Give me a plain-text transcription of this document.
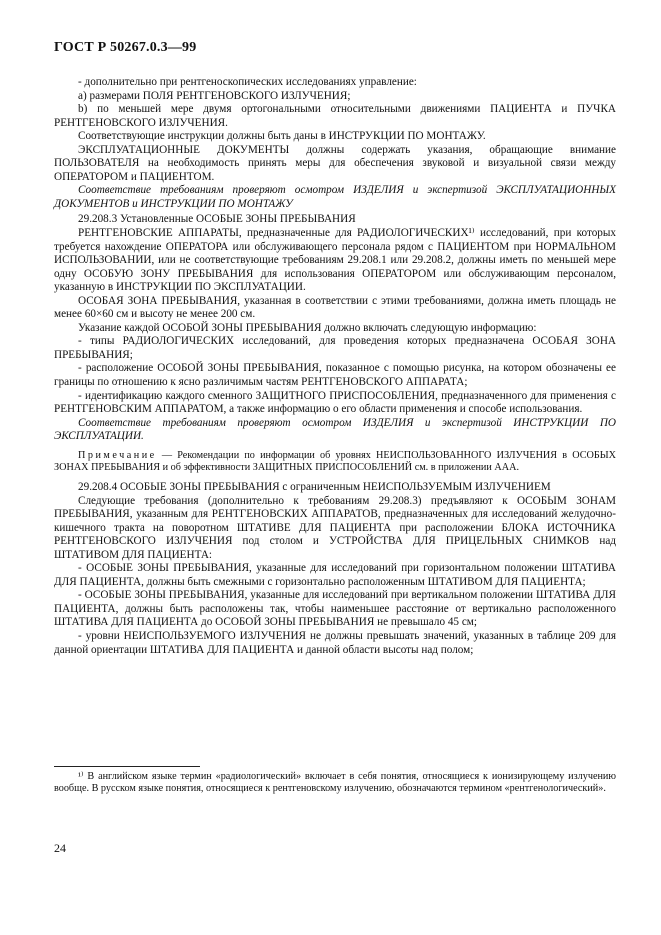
ГОСТ Р 50267.0.3—99

- дополнительно при рентгеноскопических исследованиях управление:

а) размерами ПОЛЯ РЕНТГЕНОВСКОГО ИЗЛУЧЕНИЯ;

b) по меньшей мере двумя ортогональными относительными движениями ПАЦИЕНТА и ПУЧКА РЕНТГЕНОВСКОГО ИЗЛУЧЕНИЯ.

Соответствующие инструкции должны быть даны в ИНСТРУКЦИИ ПО МОНТАЖУ.

ЭКСПЛУАТАЦИОННЫЕ ДОКУМЕНТЫ должны содержать указания, обращающие внимание ПОЛЬЗОВАТЕЛЯ на необходимость принять меры для обеспечения звуковой и визуальной связи между ОПЕРАТОРОМ и ПАЦИЕНТОМ.

Соответствие требованиям проверяют осмотром ИЗДЕЛИЯ и экспертизой ЭКСПЛУАТАЦИОННЫХ ДОКУМЕНТОВ и ИНСТРУКЦИИ ПО МОНТАЖУ

29.208.3 Установленные ОСОБЫЕ ЗОНЫ ПРЕБЫВАНИЯ

РЕНТГЕНОВСКИЕ АППАРАТЫ, предназначенные для РАДИОЛОГИЧЕСКИХ¹⁾ исследований, при которых требуется нахождение ОПЕРАТОРА или обслуживающего персонала рядом с ПАЦИЕНТОМ при НОРМАЛЬНОМ ИСПОЛЬЗОВАНИИ, или не соответствующие требованиям 29.208.1 или 29.208.2, должны иметь по меньшей мере одну ОСОБУЮ ЗОНУ ПРЕБЫВАНИЯ для использования ОПЕРАТОРОМ или обслуживающим персоналом, указанную в ИНСТРУКЦИИ ПО ЭКСПЛУАТАЦИИ.

ОСОБАЯ ЗОНА ПРЕБЫВАНИЯ, указанная в соответствии с этими требованиями, должна иметь площадь не менее 60×60 см и высоту не менее 200 см.

Указание каждой ОСОБОЙ ЗОНЫ ПРЕБЫВАНИЯ должно включать следующую информацию:

- типы РАДИОЛОГИЧЕСКИХ исследований, для проведения которых предназначена ОСОБАЯ ЗОНА ПРЕБЫВАНИЯ;

- расположение ОСОБОЙ ЗОНЫ ПРЕБЫВАНИЯ, показанное с помощью рисунка, на котором обозначены ее границы по отношению к ясно различимым частям РЕНТГЕНОВСКОГО АППАРАТА;

- идентификацию каждого сменного ЗАЩИТНОГО ПРИСПОСОБЛЕНИЯ, предназначенного для применения с РЕНТГЕНОВСКИМ АППАРАТОМ, а также информацию о его области применения и способе использования.

Соответствие требованиям проверяют осмотром ИЗДЕЛИЯ и экспертизой ИНСТРУКЦИИ ПО ЭКСПЛУАТАЦИИ.

Примечание — Рекомендации по информации об уровнях НЕИСПОЛЬЗОВАННОГО ИЗЛУЧЕНИЯ в ОСОБЫХ ЗОНАХ ПРЕБЫВАНИЯ и об эффективности ЗАЩИТНЫХ ПРИСПОСОБЛЕНИЙ см. в приложении ААА.

29.208.4 ОСОБЫЕ ЗОНЫ ПРЕБЫВАНИЯ с ограниченным НЕИСПОЛЬЗУЕМЫМ ИЗЛУЧЕНИЕМ

Следующие требования (дополнительно к требованиям 29.208.3) предъявляют к ОСОБЫМ ЗОНАМ ПРЕБЫВАНИЯ, указанным для РЕНТГЕНОВСКИХ АППАРАТОВ, предназначенных для исследований желудочно-кишечного тракта на поворотном ШТАТИВЕ ДЛЯ ПАЦИЕНТА при расположении БЛОКА ИСТОЧНИКА РЕНТГЕНОВСКОГО ИЗЛУЧЕНИЯ под столом и УСТРОЙСТВА ДЛЯ ПРИЦЕЛЬНЫХ СНИМКОВ над ШТАТИВОМ ДЛЯ ПАЦИЕНТА:

- ОСОБЫЕ ЗОНЫ ПРЕБЫВАНИЯ, указанные для исследований при горизонтальном положении ШТАТИВА ДЛЯ ПАЦИЕНТА, должны быть смежными с горизонтально расположенным ШТАТИВОМ ДЛЯ ПАЦИЕНТА;

- ОСОБЫЕ ЗОНЫ ПРЕБЫВАНИЯ, указанные для исследований при вертикальном положении ШТАТИВА ДЛЯ ПАЦИЕНТА, должны быть расположены так, чтобы наименьшее расстояние от вертикально расположенного ШТАТИВА ДЛЯ ПАЦИЕНТА до ОСОБОЙ ЗОНЫ ПРЕБЫВАНИЯ не превышало 45 см;

- уровни НЕИСПОЛЬЗУЕМОГО ИЗЛУЧЕНИЯ не должны превышать значений, указанных в таблице 209 для данной ориентации ШТАТИВА ДЛЯ ПАЦИЕНТА и данной области высоты над полом;

¹⁾ В английском языке термин «радиологический» включает в себя понятия, относящиеся к ионизирующему излучению вообще. В русском языке понятия, относящиеся к рентгеновскому излучению, обозначаются термином «рентгенологический».

24
